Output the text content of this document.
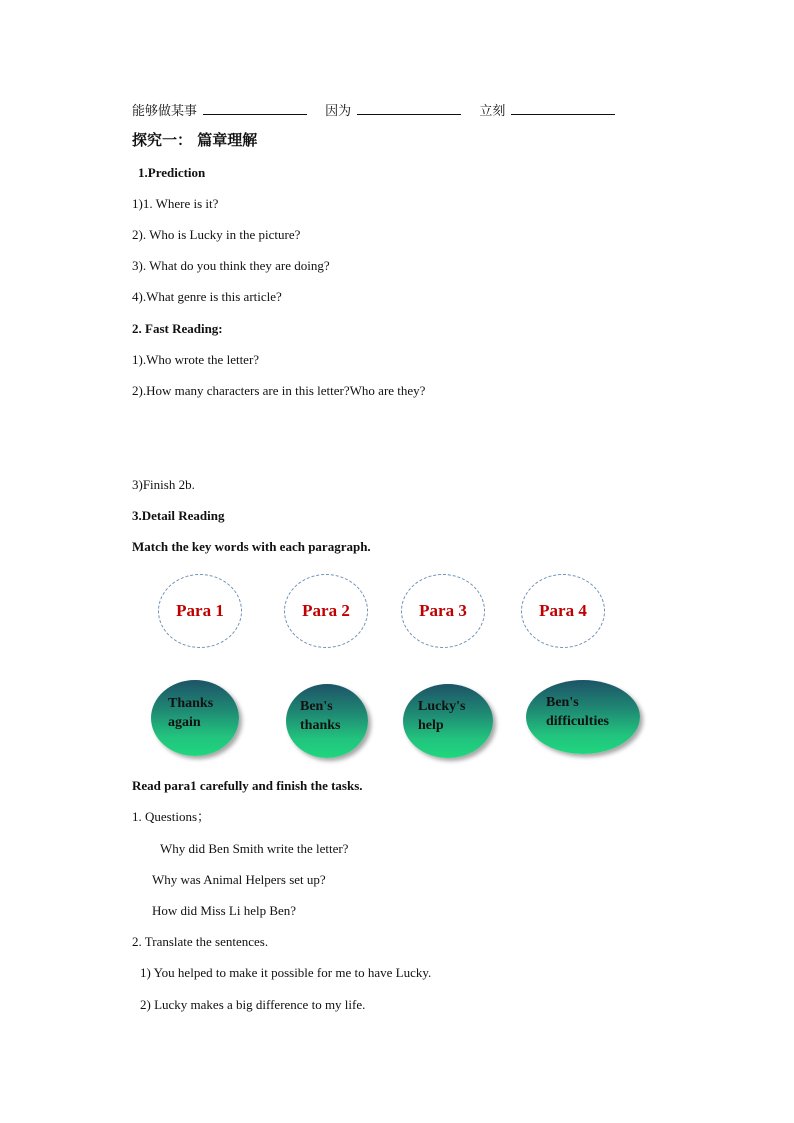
能够做某事	因为	立刻
探究一： 篇章理解
1.Prediction
1)1. Where is it?
2). Who is Lucky in the picture?
3). What do you think they are doing?
4).What genre is this article?
2. Fast Reading:
1).Who wrote the letter?
2).How many characters are in this letter?Who are they?
3)Finish 2b.
3.Detail Reading
Match the key words with each paragraph.
Para 1	Para 2	Para 3	Para 4
Thanks
again
Ben's
thanks
Lucky's
help
Ben's
difficulties
Read para1 carefully and finish the tasks.
1. Questions；
Why did Ben Smith write the letter?
Why was Animal Helpers set up?
How did Miss Li help Ben?
2. Translate the sentences.
1) You helped to make it possible for me to have Lucky.
2) Lucky makes a big difference to my life.
